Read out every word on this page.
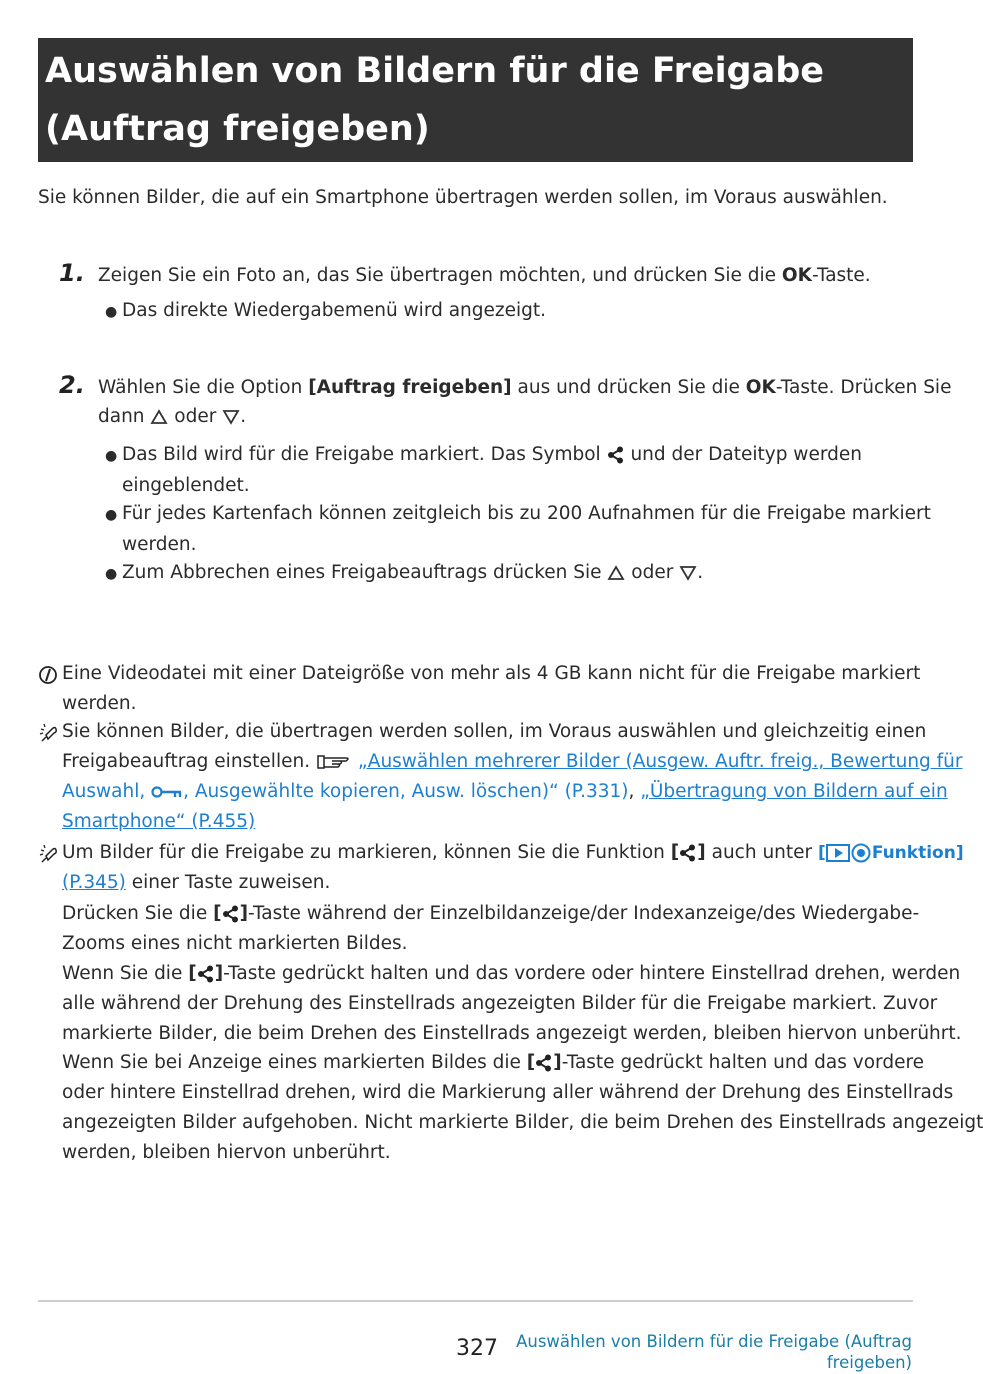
Auswählen von Bildern für die Freigabe
(Auftrag freigeben)
Sie können Bilder, die auf ein Smartphone übertragen werden sollen, im Voraus auswählen.
1. Zeigen Sie ein Foto an, das Sie übertragen möchten, und drücken Sie die OK-Taste.
● Das direkte Wiedergabemenü wird angezeigt.
2. Wählen Sie die Option [Auftrag freigeben] aus und drücken Sie die OK-Taste. Drücken Sie
dann  oder .
● Das Bild wird für die Freigabe markiert. Das Symbol  und der Dateityp werden
eingeblendet.
● Für jedes Kartenfach können zeitgleich bis zu 200 Aufnahmen für die Freigabe markiert
werden.
● Zum Abbrechen eines Freigabeauftrags drücken Sie  oder .
Eine Videodatei mit einer Dateigröße von mehr als 4 GB kann nicht für die Freigabe markiert
werden.
Sie können Bilder, die übertragen werden sollen, im Voraus auswählen und gleichzeitig einen
Freigabeauftrag einstellen.  „Auswählen mehrerer Bilder (Ausgew. Auftr. freig., Bewertung für
Auswahl, , Ausgewählte kopieren, Ausw. löschen)“ (P.331), „Übertragung von Bildern auf ein
Smartphone“ (P.455)
Um Bilder für die Freigabe zu markieren, können Sie die Funktion [ ] auch unter [	Funktion]
(P.345) einer Taste zuweisen.
Drücken Sie die [ ]-Taste während der Einzelbildanzeige/der Indexanzeige/des Wiedergabe-
Zooms eines nicht markierten Bildes.
Wenn Sie die [ ]-Taste gedrückt halten und das vordere oder hintere Einstellrad drehen, werden
alle während der Drehung des Einstellrads angezeigten Bilder für die Freigabe markiert. Zuvor
markierte Bilder, die beim Drehen des Einstellrads angezeigt werden, bleiben hiervon unberührt.
Wenn Sie bei Anzeige eines markierten Bildes die [ ]-Taste gedrückt halten und das vordere
oder hintere Einstellrad drehen, wird die Markierung aller während der Drehung des Einstellrads
angezeigten Bilder aufgehoben. Nicht markierte Bilder, die beim Drehen des Einstellrads angezeigt
werden, bleiben hiervon unberührt.
327	Auswählen von Bildern für die Freigabe (Auftrag
freigeben)
